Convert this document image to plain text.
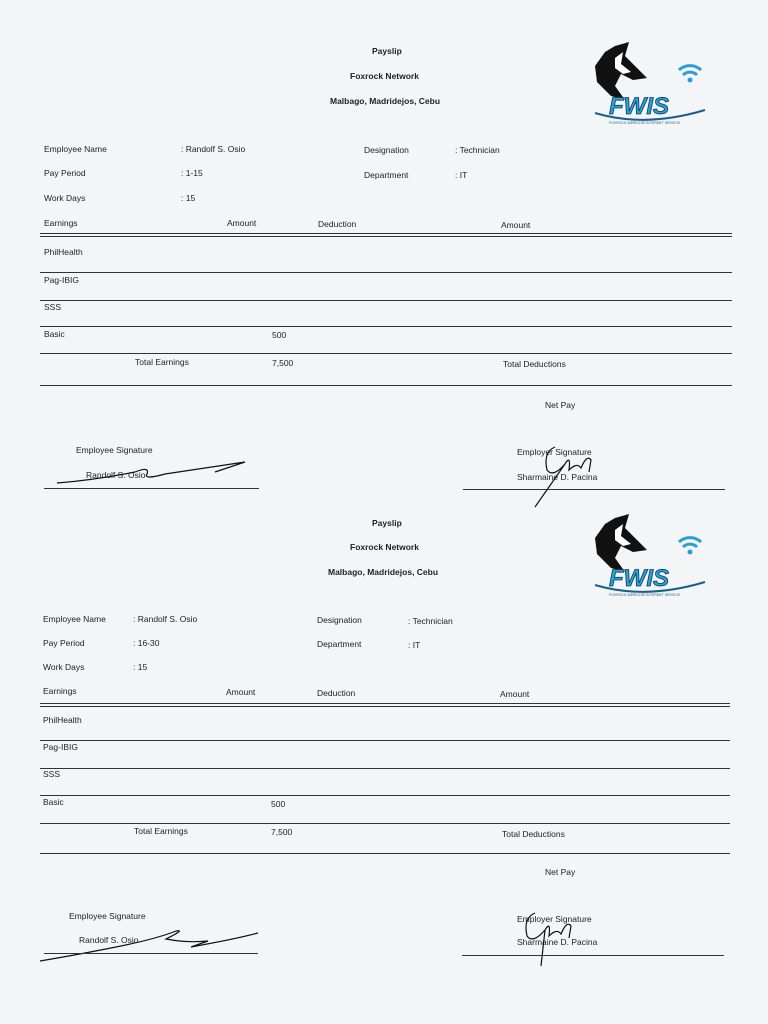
Payslip
Foxrock Network
Malbago, Madridejos, Cebu	FWIS
FOXROCK WIRELESS INTERNET SERVICE
Employee Name	: Randolf S. Osio
Pay Period	: 1-15
Work Days	: 15
Designation	: Technician
Department	: IT
Earnings	Amount	Deduction	Amount
PhilHealth
Pag-IBIG
SSS
Basic	500
Total Earnings	7,500	Total Deductions
Net Pay
Employee Signature
Randolf S. Osio
Employer Signature
Sharmaine D. Pacina
Payslip
Foxrock Network
Malbago, Madridejos, Cebu	FWIS
FOXROCK WIRELESS INTERNET SERVICE
Employee Name	: Randolf S. Osio
Pay Period	: 16-30
Work Days	: 15
Designation	: Technician
Department	: IT
Earnings	Amount	Deduction	Amount
PhilHealth
Pag-IBIG
SSS
Basic	500
Total Earnings	7,500	Total Deductions
Net Pay
Employee Signature
Randolf S. Osio
Employer Signature
Sharmaine D. Pacina
